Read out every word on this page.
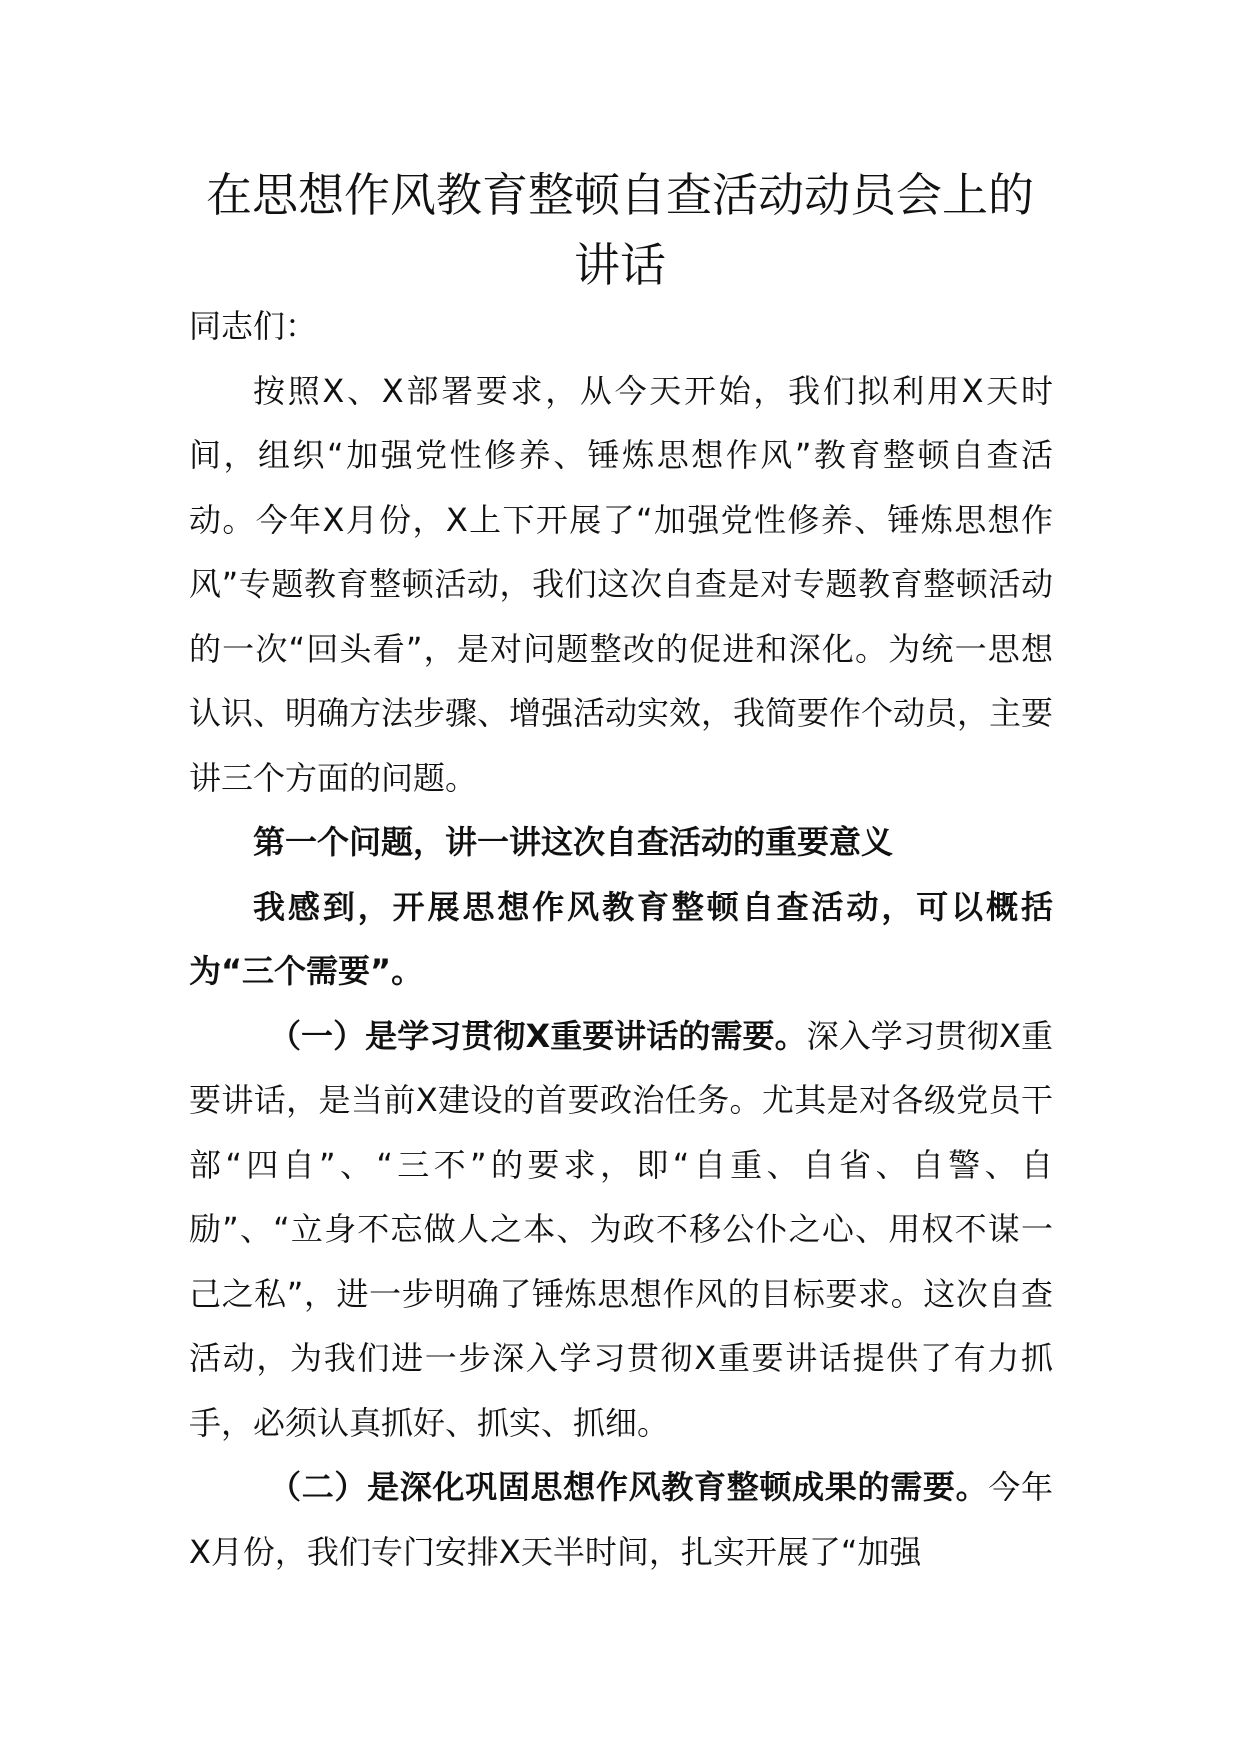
在思想作风教育整顿自查活动动员会上的
讲话

同志们：

按照X、X部署要求，从今天开始，我们拟利用X天时间，组织“加强党性修养、锤炼思想作风”教育整顿自查活动。今年X月份，X上下开展了“加强党性修养、锤炼思想作风”专题教育整顿活动，我们这次自查是对专题教育整顿活动的一次“回头看”，是对问题整改的促进和深化。为统一思想认识、明确方法步骤、增强活动实效，我简要作个动员，主要讲三个方面的问题。

第一个问题，讲一讲这次自查活动的重要意义

我感到，开展思想作风教育整顿自查活动，可以概括为“三个需要”。

（一）是学习贯彻X重要讲话的需要。深入学习贯彻X重要讲话，是当前X建设的首要政治任务。尤其是对各级党员干部“四自”、“三不”的要求，即“自重、自省、自警、自励”、“立身不忘做人之本、为政不移公仆之心、用权不谋一己之私”，进一步明确了锤炼思想作风的目标要求。这次自查活动，为我们进一步深入学习贯彻X重要讲话提供了有力抓手，必须认真抓好、抓实、抓细。

（二）是深化巩固思想作风教育整顿成果的需要。今年X月份，我们专门安排X天半时间，扎实开展了“加强
